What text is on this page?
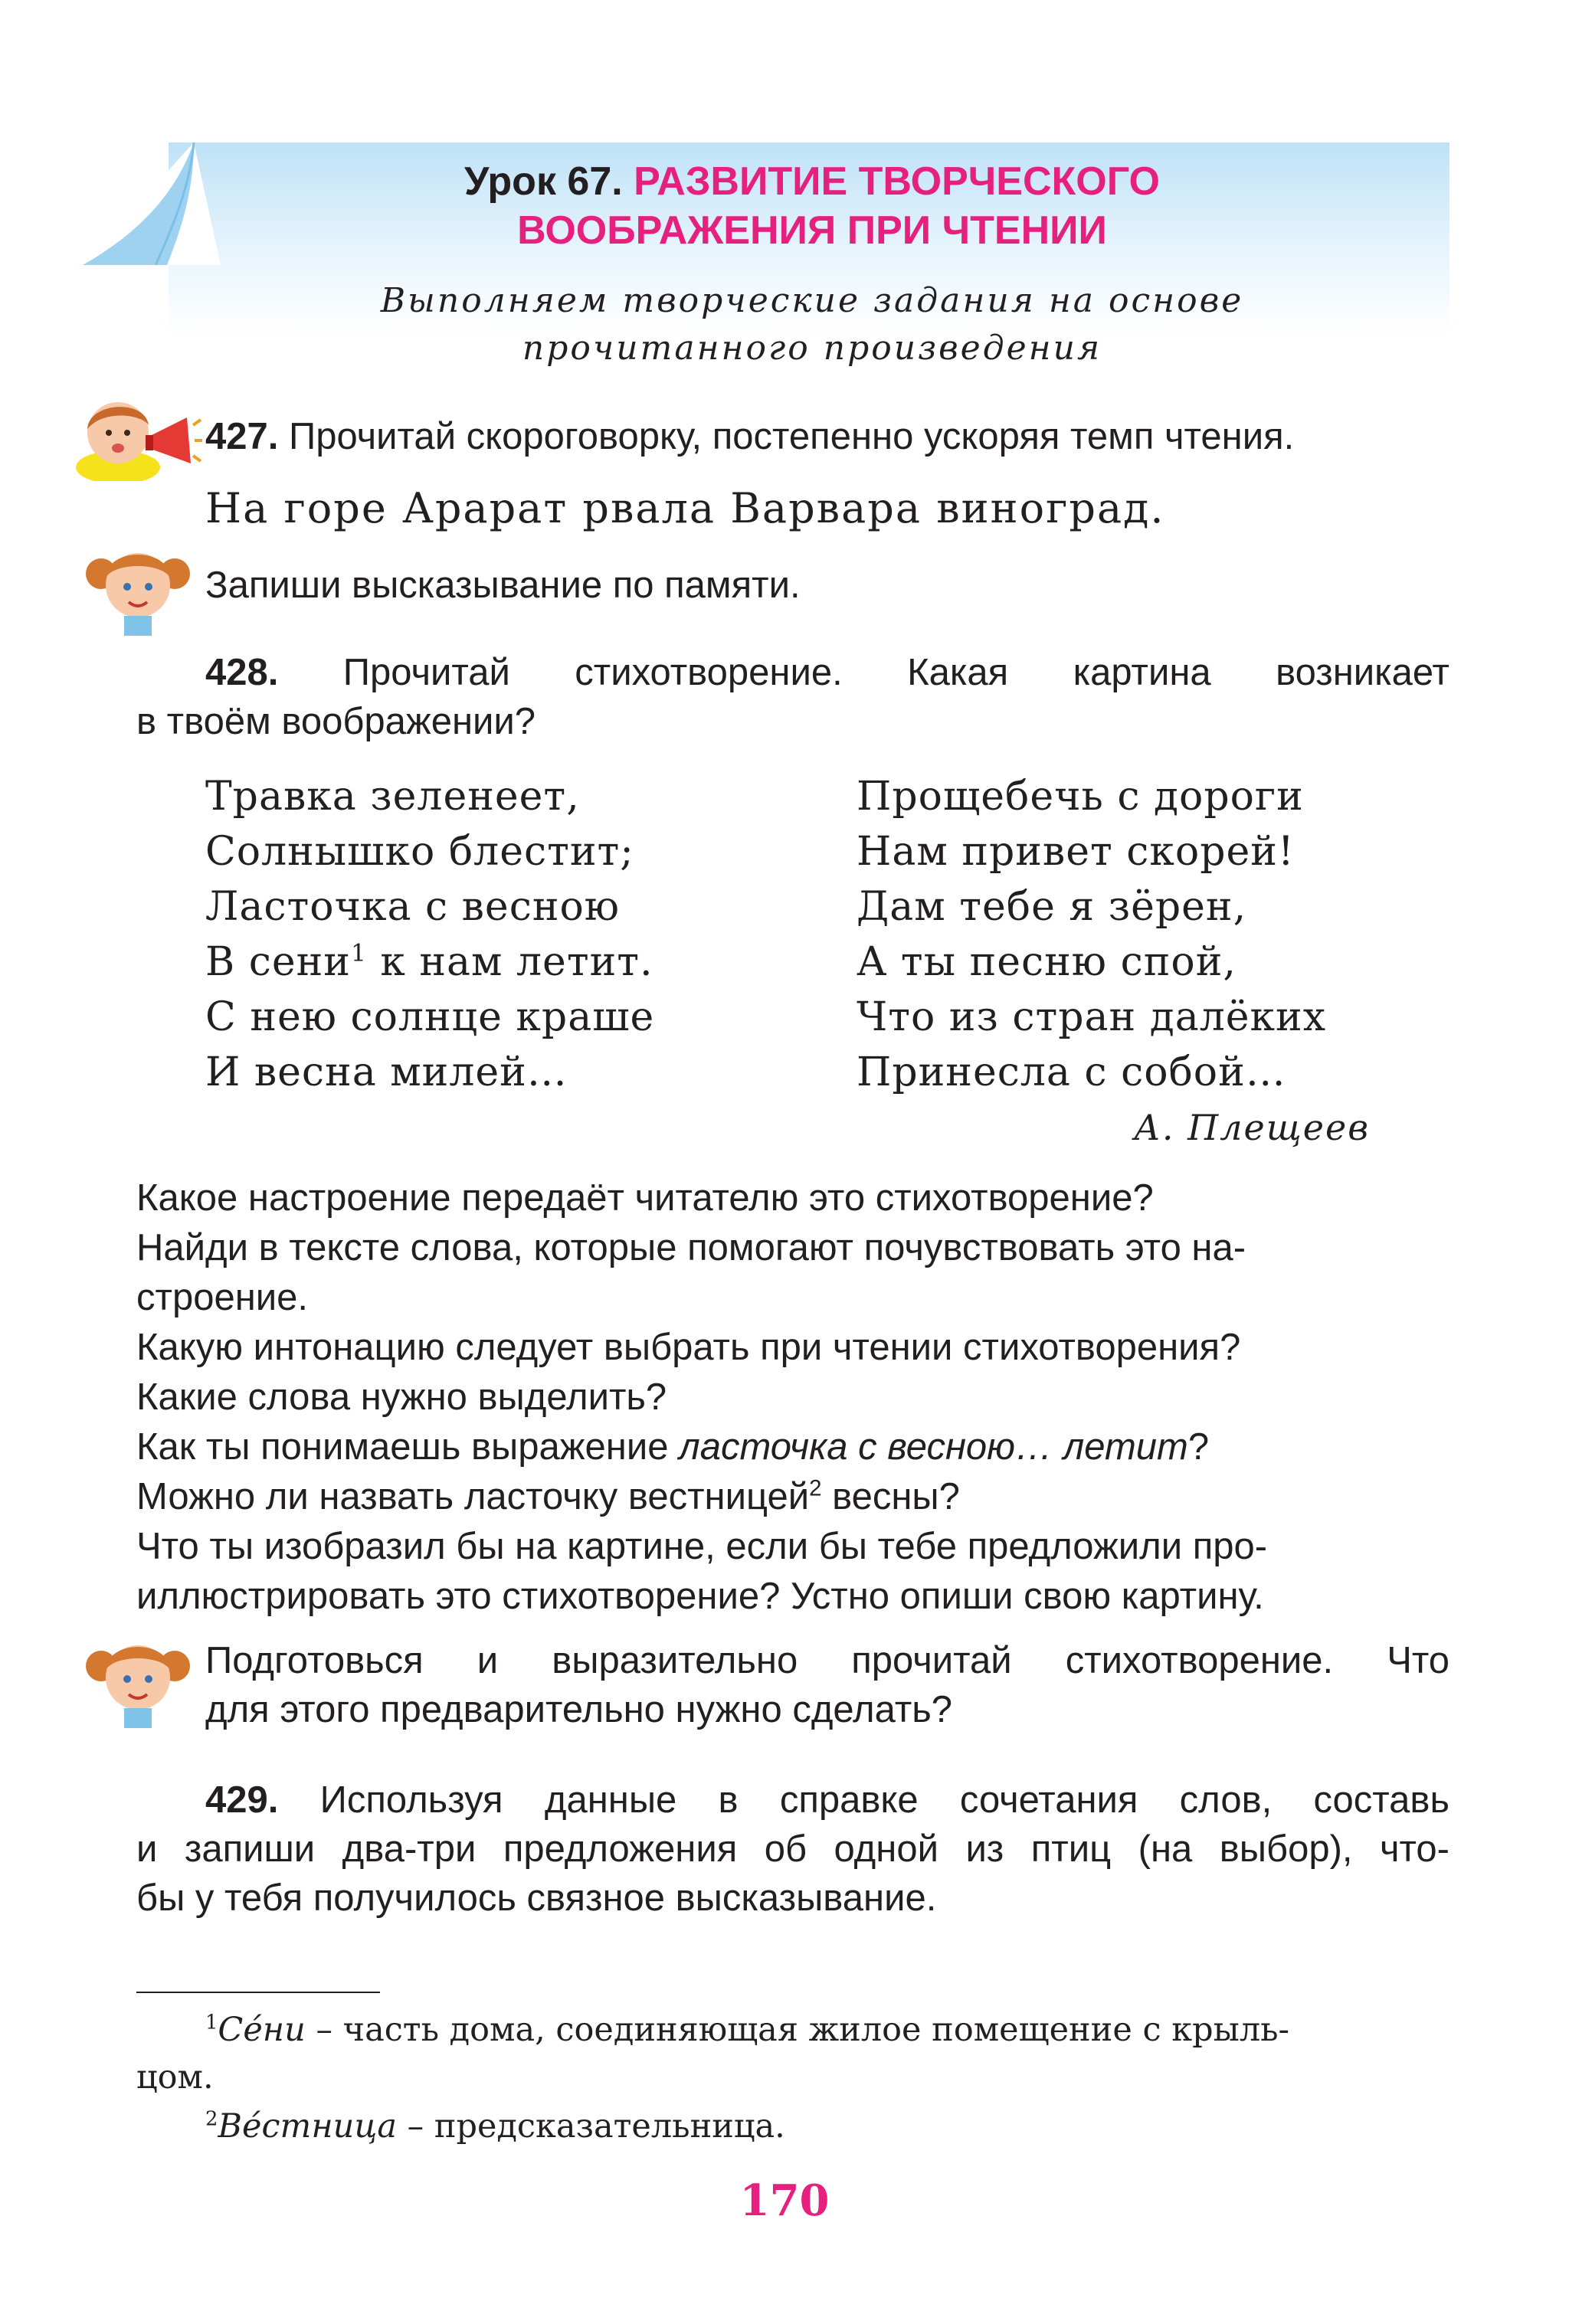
Урок 67. РАЗВИТИЕ ТВОРЧЕСКОГО
ВООБРАЖЕНИЯ ПРИ ЧТЕНИИ
Выполняем творческие задания на основе
прочитанного произведения
427. Прочитай скороговорку, постепенно ускоряя темп чтения.
На горе Арарат рвала Варвара виноград.
Запиши высказывание по памяти.
428. Прочитай стихотворение. Какая картина возникает
в твоём воображении?
Травка зеленеет,
Солнышко блестит;
Ласточка с весною
В сени$^1$ к нам летит.
С нею солнце краше
И весна милей…
Прощебечь с дороги
Нам привет скорей!
Дам тебе я зёрен,
А ты песню спой,
Что из стран далёких
Принесла с собой…
А. Плещеев
Какое настроение передаёт читателю это стихотворение?
Найди в тексте слова, которые помогают почувствовать это на-
строение.
Какую интонацию следует выбрать при чтении стихотворения?
Какие слова нужно выделить?
Как ты понимаешь выражение ласточка с весною… летит?
Можно ли назвать ласточку вестницей$^2$ весны?
Что ты изобразил бы на картине, если бы тебе предложили про-
иллюстрировать это стихотворение? Устно опиши свою картину.
Подготовься и выразительно прочитай стихотворение. Что
для этого предварительно нужно сделать?
429. Используя данные в справке сочетания слов, составь
и запиши два-три предложения об одной из птиц (на выбор), что-
бы у тебя получилось связное высказывание.
$^1$Се́ни – часть дома, соединяющая жилое помещение с крыль-
цом.
$^2$Ве́стница – предсказательница.
170
